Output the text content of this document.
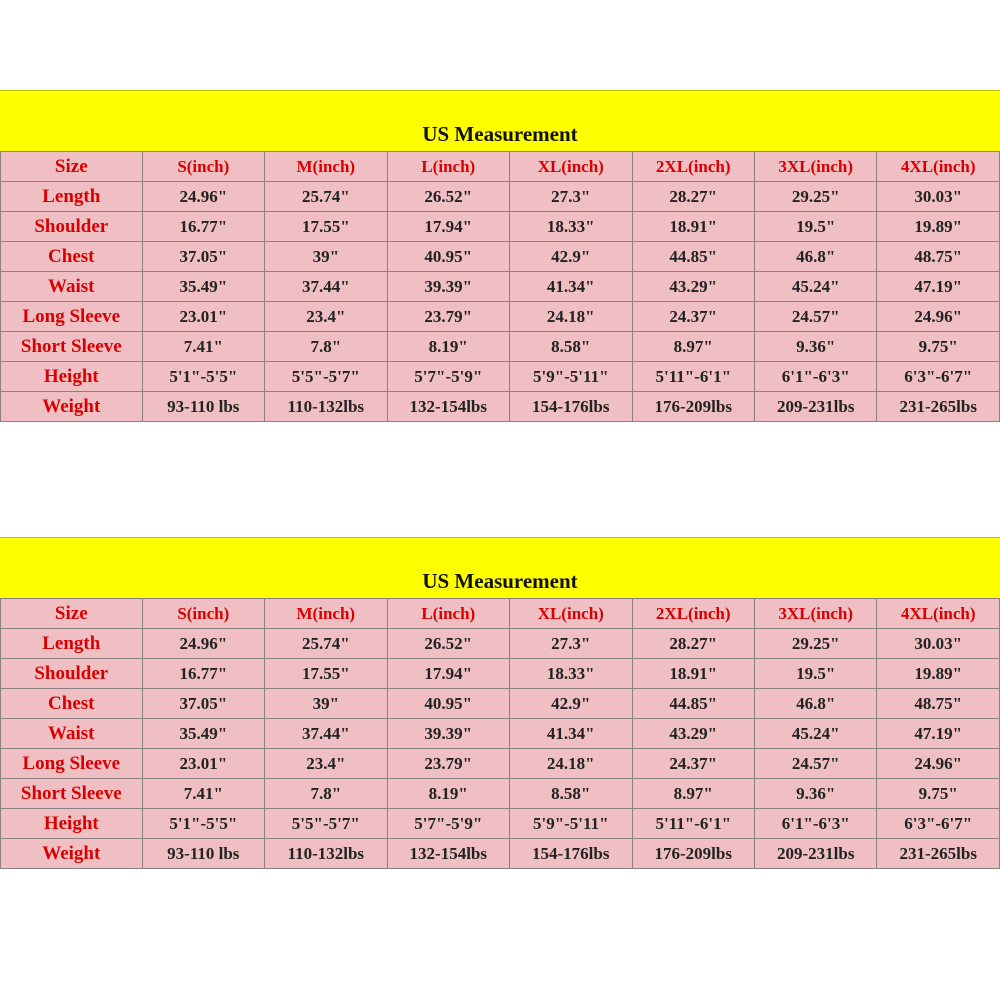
US Measurement
Size	S(inch)	M(inch)	L(inch)	XL(inch)	2XL(inch)	3XL(inch)	4XL(inch)
Length	24.96"	25.74"	26.52"	27.3"	28.27"	29.25"	30.03"
Shoulder	16.77"	17.55"	17.94"	18.33"	18.91"	19.5"	19.89"
Chest	37.05"	39"	40.95"	42.9"	44.85"	46.8"	48.75"
Waist	35.49"	37.44"	39.39"	41.34"	43.29"	45.24"	47.19"
Long Sleeve	23.01"	23.4"	23.79"	24.18"	24.37"	24.57"	24.96"
Short Sleeve	7.41"	7.8"	8.19"	8.58"	8.97"	9.36"	9.75"
Height	5'1"-5'5"	5'5"-5'7"	5'7"-5'9"	5'9"-5'11"	5'11"-6'1"	6'1"-6'3"	6'3"-6'7"
Weight	93-110 lbs	110-132lbs	132-154lbs	154-176lbs	176-209lbs	209-231lbs	231-265lbs
US Measurement
Size	S(inch)	M(inch)	L(inch)	XL(inch)	2XL(inch)	3XL(inch)	4XL(inch)
Length	24.96"	25.74"	26.52"	27.3"	28.27"	29.25"	30.03"
Shoulder	16.77"	17.55"	17.94"	18.33"	18.91"	19.5"	19.89"
Chest	37.05"	39"	40.95"	42.9"	44.85"	46.8"	48.75"
Waist	35.49"	37.44"	39.39"	41.34"	43.29"	45.24"	47.19"
Long Sleeve	23.01"	23.4"	23.79"	24.18"	24.37"	24.57"	24.96"
Short Sleeve	7.41"	7.8"	8.19"	8.58"	8.97"	9.36"	9.75"
Height	5'1"-5'5"	5'5"-5'7"	5'7"-5'9"	5'9"-5'11"	5'11"-6'1"	6'1"-6'3"	6'3"-6'7"
Weight	93-110 lbs	110-132lbs	132-154lbs	154-176lbs	176-209lbs	209-231lbs	231-265lbs
